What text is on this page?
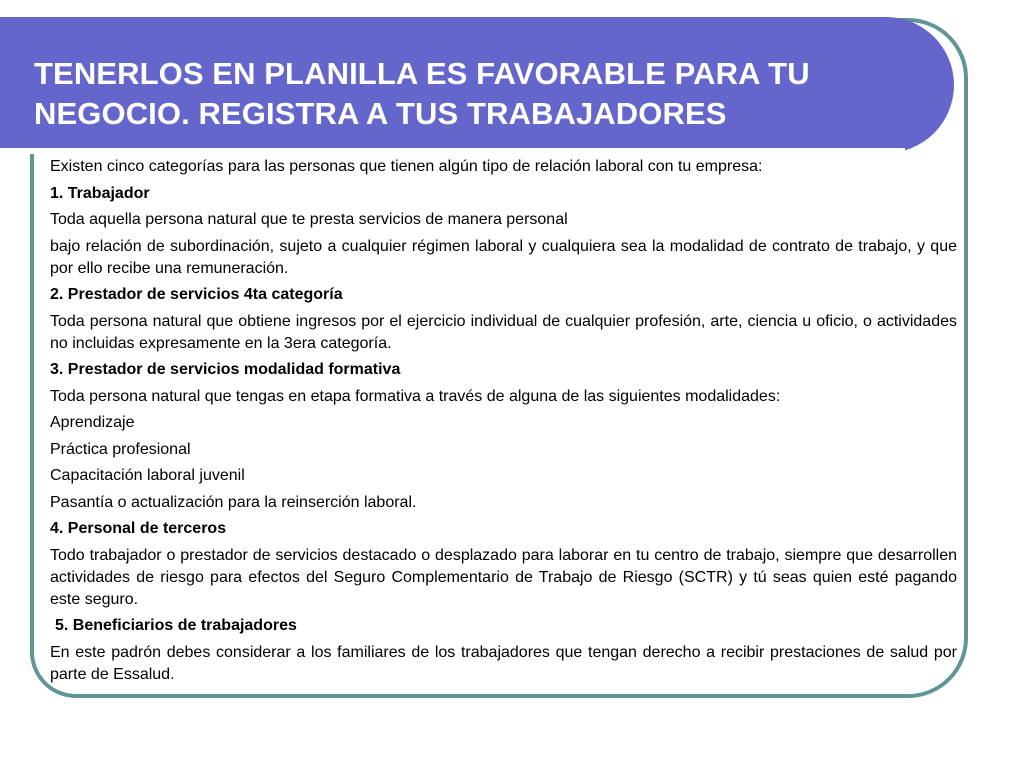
TENERLOS EN PLANILLA ES FAVORABLE PARA TU NEGOCIO. REGISTRA A TUS TRABAJADORES

Existen cinco categorías para las personas que tienen algún tipo de relación laboral con tu empresa:

1. Trabajador

Toda aquella persona natural que te presta servicios de manera personal

bajo relación de subordinación, sujeto a cualquier régimen laboral y cualquiera sea la modalidad de contrato de trabajo, y que por ello recibe una remuneración.

2. Prestador de servicios 4ta categoría

Toda persona natural que obtiene ingresos por el ejercicio individual de cualquier profesión, arte, ciencia u oficio, o actividades no incluidas expresamente en la 3era categoría.

3. Prestador de servicios modalidad formativa

Toda persona natural que tengas en etapa formativa a través de alguna de las siguientes modalidades:

Aprendizaje

Práctica profesional

Capacitación laboral juvenil

Pasantía o actualización para la reinserción laboral.

4. Personal de terceros

Todo trabajador o prestador de servicios destacado o desplazado para laborar en tu centro de trabajo, siempre que desarrollen actividades de riesgo para efectos del Seguro Complementario de Trabajo de Riesgo (SCTR) y tú seas quien esté pagando este seguro.

5. Beneficiarios de trabajadores

En este padrón debes considerar a los familiares de los trabajadores que tengan derecho a recibir prestaciones de salud por parte de Essalud.
